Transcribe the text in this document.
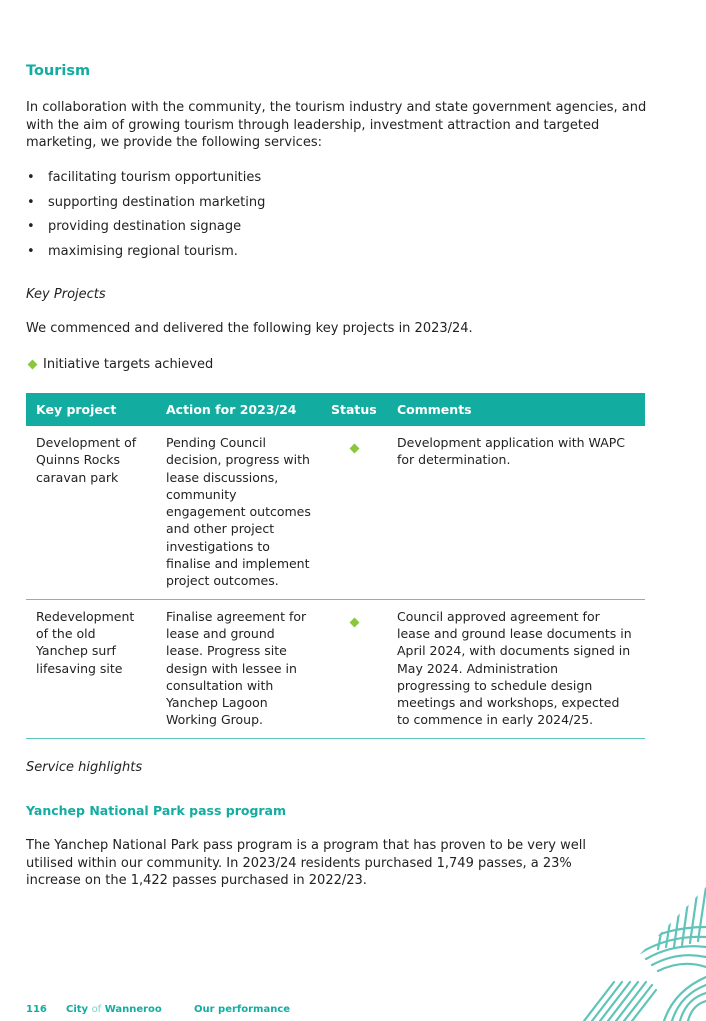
Tourism

In collaboration with the community, the tourism industry and state government agencies, and with the aim of growing tourism through leadership, investment attraction and targeted marketing, we provide the following services:

• facilitating tourism opportunities
• supporting destination marketing
• providing destination signage
• maximising regional tourism.

Key Projects

We commenced and delivered the following key projects in 2023/24.

Initiative targets achieved
Key project	Action for 2023/24	Status	Comments
Development of Quinns Rocks caravan park	Pending Council decision, progress with lease discussions, community engagement outcomes and other project investigations to finalise and implement project outcomes.		Development application with WAPC for determination.
Redevelopment of the old Yanchep surf lifesaving site	Finalise agreement for lease and ground lease. Progress site design with lessee in consultation with Yanchep Lagoon Working Group.		Council approved agreement for lease and ground lease documents in April 2024, with documents signed in May 2024. Administration progressing to schedule design meetings and workshops, expected to commence in early 2024/25.

Service highlights

Yanchep National Park pass program

The Yanchep National Park pass program is a program that has proven to be very well utilised within our community. In 2023/24 residents purchased 1,749 passes, a 23% increase on the 1,422 passes purchased in 2022/23.

116	City of Wanneroo	Our performance
